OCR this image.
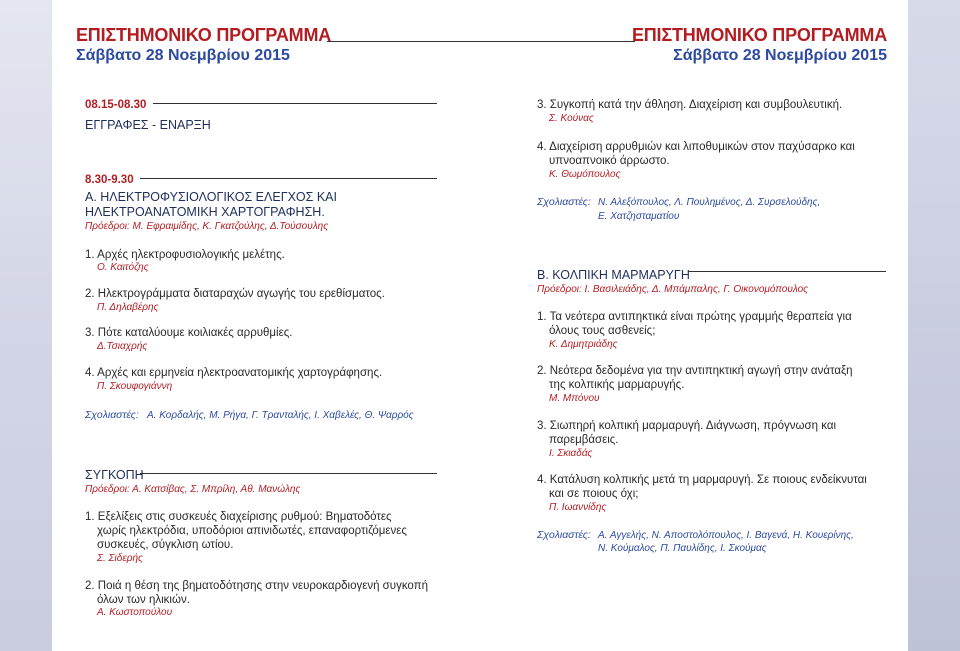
ΕΠΙΣΤΗΜΟΝΙΚΟ ΠΡΟΓΡΑΜΜΑ
Σάββατο 28 Νοεμβρίου 2015
ΕΠΙΣΤΗΜΟΝΙΚΟ ΠΡΟΓΡΑΜΜΑ
Σάββατο 28 Νοεμβρίου 2015
08.15-08.30
ΕΓΓΡΑΦΕΣ - ΕΝΑΡΞΗ
8.30-9.30
Α. ΗΛΕΚΤΡΟΦΥΣΙΟΛΟΓΙΚΟΣ ΕΛΕΓΧΟΣ ΚΑΙ
ΗΛΕΚΤΡΟΑΝΑΤΟΜΙΚΗ ΧΑΡΤΟΓΡΑΦΗΣΗ.
Πρόεδροι: Μ. Εφραιμίδης, Κ. Γκατζούλης, Δ.Τούσουλης
1. Αρχές ηλεκτροφυσιολογικής μελέτης.
Ο. Καιτόζης
2. Ηλεκτρογράμματα διαταραχών αγωγής του ερεθίσματος.
Π. Δηλαβέρης
3. Πότε καταλύουμε κοιλιακές αρρυθμίες.
Δ.Τσιαχρής
4. Αρχές και ερμηνεία ηλεκτροανατομικής χαρτογράφησης.
Π. Σκουφογιάννη
Σχολιαστές: Α. Κορδαλής, Μ. Ρήγα, Γ. Τρανταλής, Ι. Χαβελές, Θ. Ψαρρός
ΣΥΓΚΟΠΗ
Πρόεδροι: Α. Κατσίβας, Σ. Μπρίλη, Αθ. Μανώλης
1. Εξελίξεις στις συσκευές διαχείρισης ρυθμού: Βηματοδότες
χωρίς ηλεκτρόδια, υποδόριοι απινιδωτές, επαναφορτιζόμενες
συσκευές, σύγκλιση ωτίου.
Σ. Σιδερής
2. Ποιά η θέση της βηματοδότησης στην νευροκαρδιογενή συγκοπή
όλων των ηλικιών.
Α. Κωστοπούλου
3. Συγκοπή κατά την άθληση. Διαχείριση και συμβουλευτική.
Σ. Κούνας
4. Διαχείριση αρρυθμιών και λιποθυμικών στον παχύσαρκο και
υπνοαπνοικό άρρωστο.
Κ. Θωμόπουλος
Σχολιαστές: Ν. Αλεξόπουλος, Λ. Πουλημένος, Δ. Συρσελούδης,
Ε. Χατζησταματίου
Β. ΚΟΛΠΙΚΗ ΜΑΡΜΑΡΥΓΗ
Πρόεδροι: Ι. Βασιλειάδης, Δ. Μπάμπαλης, Γ. Οικονομόπουλος
1. Τα νεότερα αντιπηκτικά είναι πρώτης γραμμής θεραπεία για
όλους τους ασθενείς;
Κ. Δημητριάδης
2. Νεότερα δεδομένα για την αντιπηκτική αγωγή στην ανάταξη
της κολπικής μαρμαρυγής.
Μ. Μπόνου
3. Σιωπηρή κολπική μαρμαρυγή. Διάγνωση, πρόγνωση και
παρεμβάσεις.
Ι. Σκιαδάς
4. Κατάλυση κολπικής μετά τη μαρμαρυγή. Σε ποιους ενδείκνυται
και σε ποιους όχι;
Π. Ιωαννίδης
Σχολιαστές: Α. Αγγελής, Ν. Αποστολόπουλος, Ι. Βαγενά, Η. Κουερίνης,
Ν. Κούμαλος, Π. Παυλίδης, Ι. Σκούμας
